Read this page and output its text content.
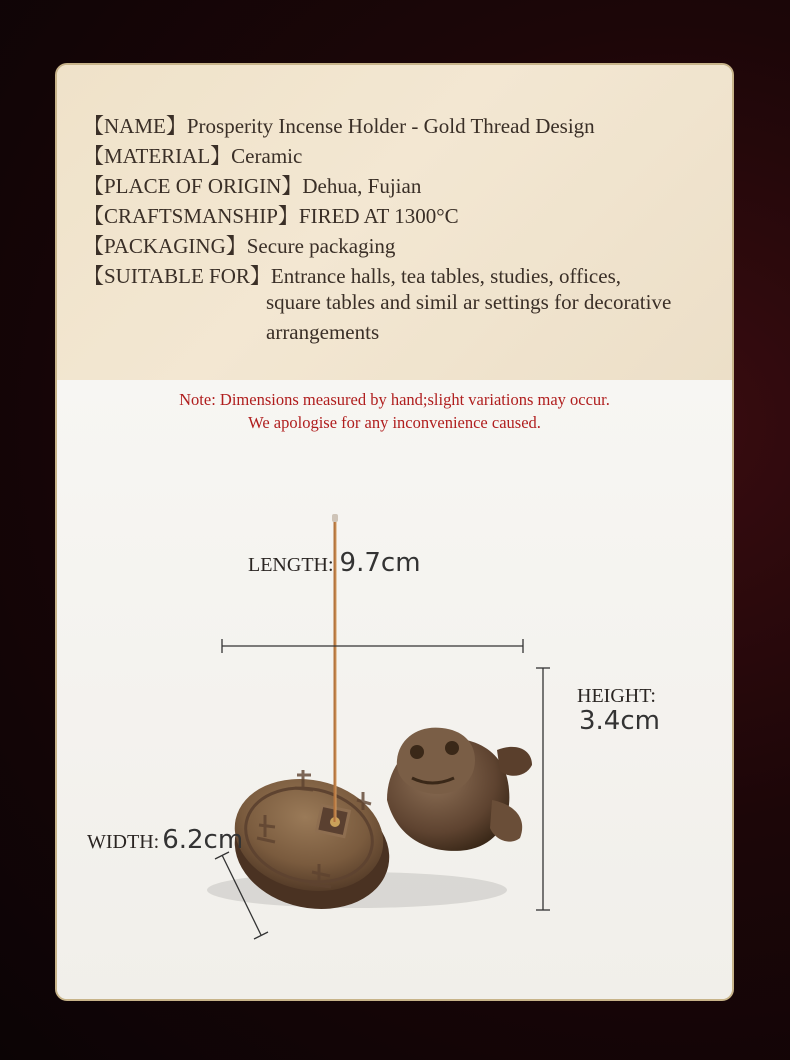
【NAME】Prosperity Incense Holder - Gold Thread Design
【MATERIAL】Ceramic
【PLACE OF ORIGIN】Dehua, Fujian
【CRAFTSMANSHIP】FIRED AT 1300°C
【PACKAGING】Secure packaging
【SUITABLE FOR】Entrance halls, tea tables, studies, offices,
square tables and simil ar settings for decorative
arrangements
Note: Dimensions measured by hand;slight variations may occur.
We apologise for any inconvenience caused.
LENGTH: 9.7cm
HEIGHT:
3.4cm
WIDTH: 6.2cm
